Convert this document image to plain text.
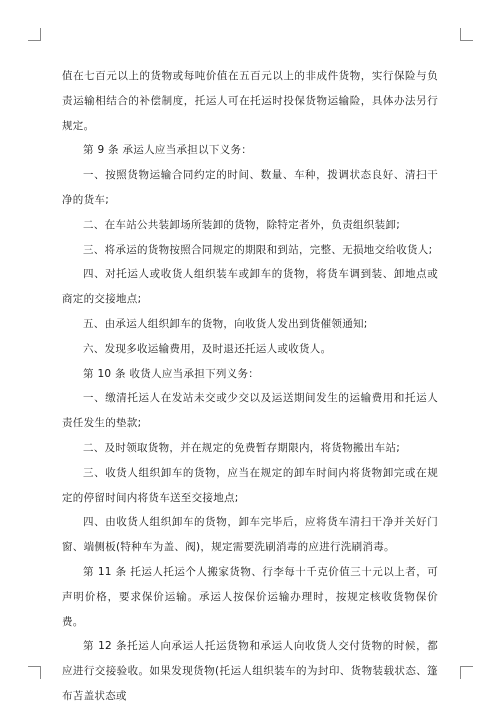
值在七百元以上的货物或每吨价值在五百元以上的非成件货物，实行保险与负责运输相结合的补偿制度，托运人可在托运时投保货物运输险，具体办法另行规定。

第 9 条 承运人应当承担以下义务：

一、按照货物运输合同约定的时间、数量、车种，拨调状态良好、清扫干净的货车;

二、在车站公共装卸场所装卸的货物，除特定者外，负责组织装卸;

三、将承运的货物按照合同规定的期限和到站，完整、无损地交给收货人;

四、对托运人或收货人组织装车或卸车的货物，将货车调到装、卸地点或商定的交接地点;

五、由承运人组织卸车的货物，向收货人发出到货催领通知;

六、发现多收运输费用，及时退还托运人或收货人。

第 10 条 收货人应当承担下列义务：

一、缴清托运人在发站未交或少交以及运送期间发生的运输费用和托运人责任发生的垫款;

二、及时领取货物，并在规定的免费暂存期限内，将货物搬出车站;

三、收货人组织卸车的货物，应当在规定的卸车时间内将货物卸完或在规定的停留时间内将货车送至交接地点;

四、由收货人组织卸车的货物，卸车完毕后，应将货车清扫干净并关好门窗、端侧板(特种车为盖、阀)，规定需要洗刷消毒的应进行洗刷消毒。

第 11 条 托运人托运个人搬家货物、行李每十千克价值三十元以上者，可声明价格，要求保价运输。承运人按保价运输办理时，按规定核收货物保价费。

第 12 条托运人向承运人托运货物和承运人向收货人交付货物的时候，都应进行交接验收。如果发现货物(托运人组织装车的为封印、货物装载状态、篷布苫盖状态或
